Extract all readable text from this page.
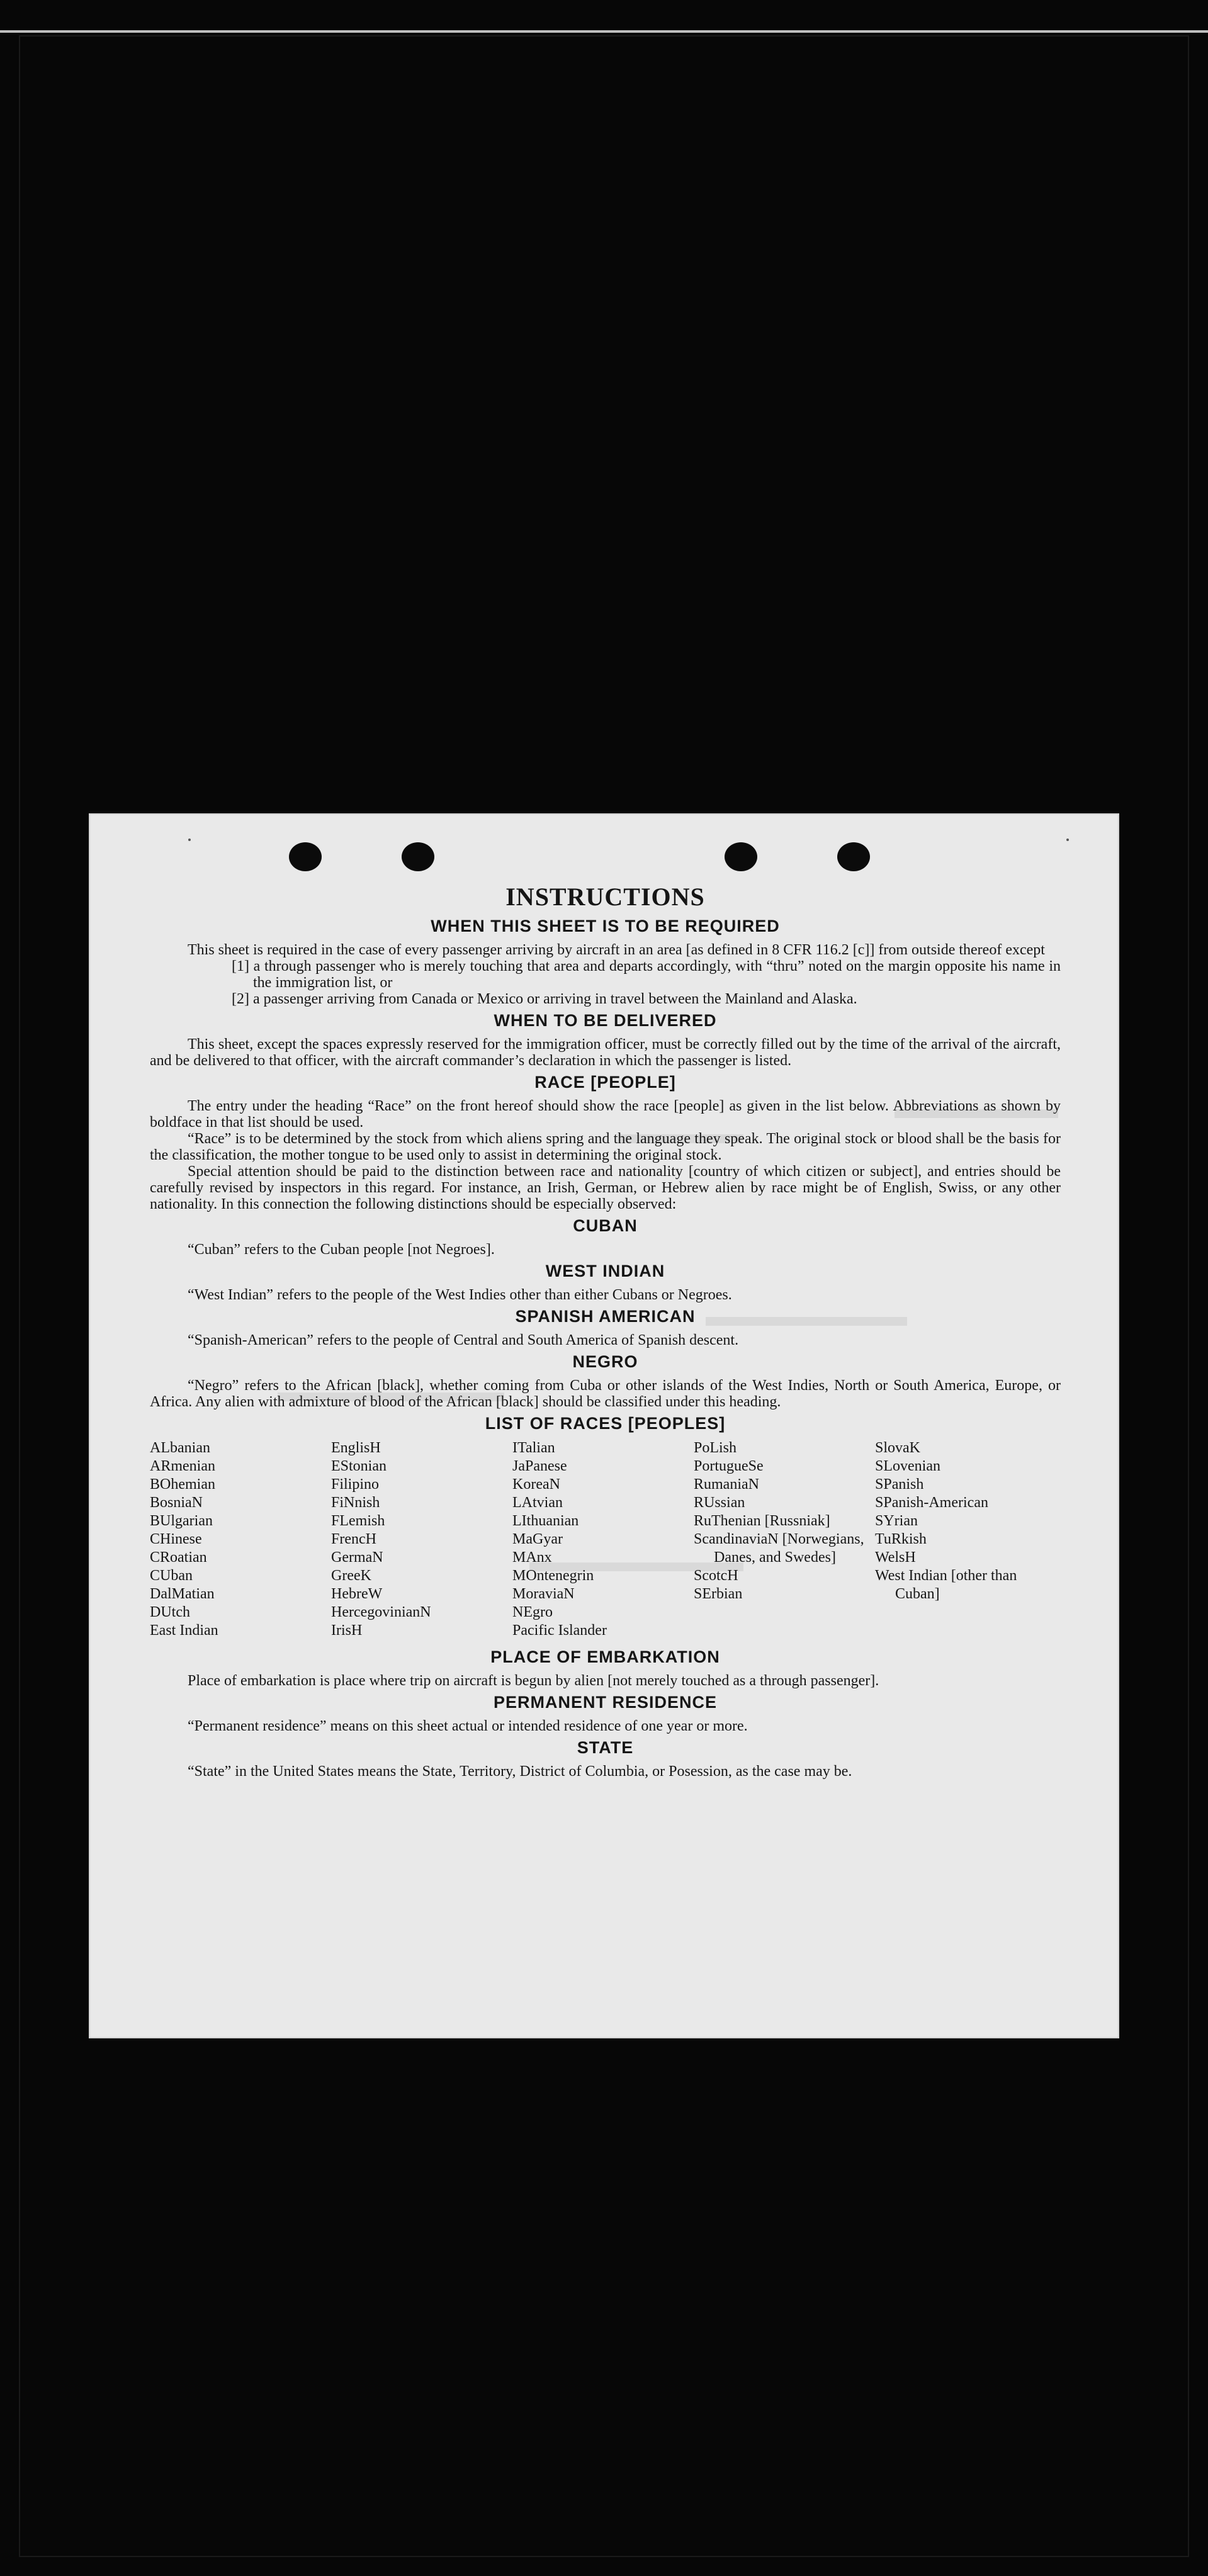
INSTRUCTIONS
WHEN THIS SHEET IS TO BE REQUIRED

This sheet is required in the case of every passenger arriving by aircraft in an area [as defined in 8 CFR 116.2 [c]] from outside thereof except

[1] a through passenger who is merely touching that area and departs accordingly, with “thru” noted on the margin opposite his name in the immigration list, or

[2] a passenger arriving from Canada or Mexico or arriving in travel between the Mainland and Alaska.

WHEN TO BE DELIVERED

This sheet, except the spaces expressly reserved for the immigration officer, must be correctly filled out by the time of the arrival of the aircraft, and be delivered to that officer, with the aircraft commander’s declaration in which the passenger is listed.

RACE [PEOPLE]

The entry under the heading “Race” on the front hereof should show the race [people] as given in the list below. Abbreviations as shown by boldface in that list should be used.

“Race” is to be determined by the stock from which aliens spring and the language they speak. The original stock or blood shall be the basis for the classification, the mother tongue to be used only to assist in determining the original stock.

Special attention should be paid to the distinction between race and nationality [country of which citizen or subject], and entries should be carefully revised by inspectors in this regard. For instance, an Irish, German, or Hebrew alien by race might be of English, Swiss, or any other nationality. In this connection the following distinctions should be especially observed:

CUBAN

“Cuban” refers to the Cuban people [not Negroes].

WEST INDIAN

“West Indian” refers to the people of the West Indies other than either Cubans or Negroes.

SPANISH AMERICAN

“Spanish-American” refers to the people of Central and South America of Spanish descent.

NEGRO

“Negro” refers to the African [black], whether coming from Cuba or other islands of the West Indies, North or South America, Europe, or Africa. Any alien with admixture of blood of the African [black] should be classified under this heading.

LIST OF RACES [PEOPLES]
ALbanian
ARmenian
BOhemian
BosniaN
BUlgarian
CHinese
CRoatian
CUban
DalMatian
DUtch
East Indian
EnglisH
EStonian
Filipino
FiNnish
FLemish
FrencH
GermaN
GreeK
HebreW
HercegovinianN
IrisH
ITalian
JaPanese
KoreaN
LAtvian
LIthuanian
MaGyar
MAnx
MOntenegrin
MoraviaN
NEgro
Pacific Islander
PoLish
PortugueSe
RumaniaN
RUssian
RuThenian [Russniak]
ScandinaviaN [Norwegians, Danes, and Swedes]
ScotcH
SErbian
SlovaK
SLovenian
SPanish
SPanish-American
SYrian
TuRkish
WelsH
West Indian [other than Cuban]
PLACE OF EMBARKATION

Place of embarkation is place where trip on aircraft is begun by alien [not merely touched as a through passenger].

PERMANENT RESIDENCE

“Permanent residence” means on this sheet actual or intended residence of one year or more.

STATE

“State” in the United States means the State, Territory, District of Columbia, or Posession, as the case may be.
